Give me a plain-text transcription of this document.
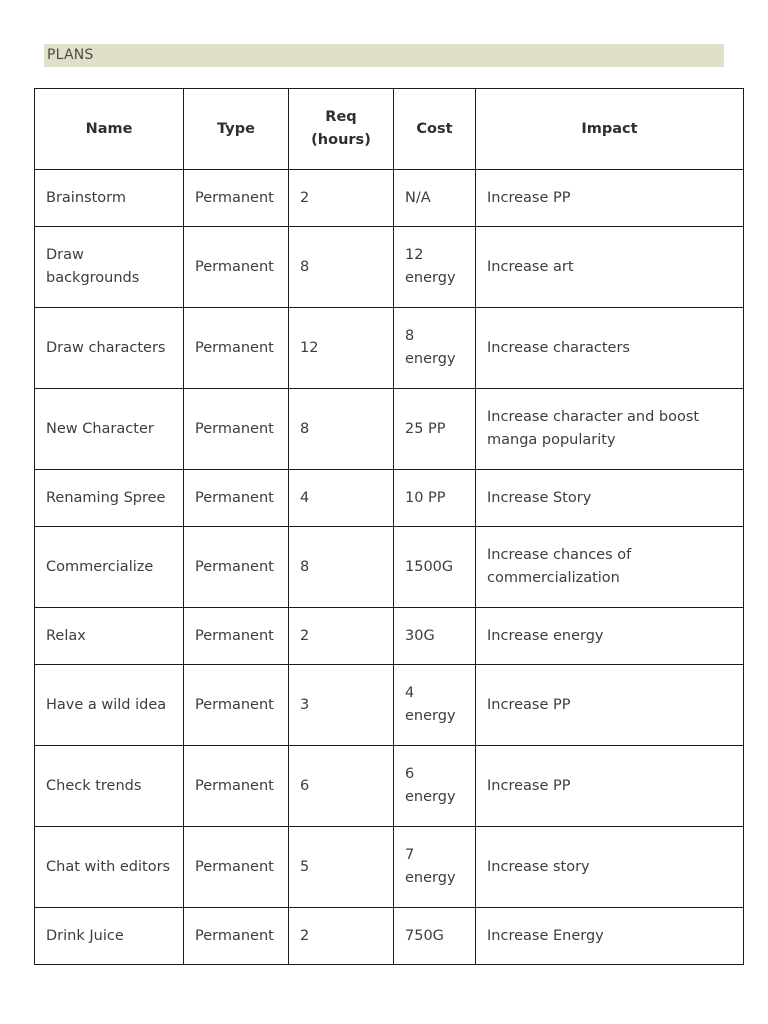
PLANS
Name	Type	Req (hours)	Cost	Impact
Brainstorm	Permanent	2	N/A	Increase PP
Draw backgrounds	Permanent	8	12 energy	Increase art
Draw characters	Permanent	12	8 energy	Increase characters
New Character	Permanent	8	25 PP	Increase character and boost manga popularity
Renaming Spree	Permanent	4	10 PP	Increase Story
Commercialize	Permanent	8	1500G	Increase chances of commercialization
Relax	Permanent	2	30G	Increase energy
Have a wild idea	Permanent	3	4 energy	Increase PP
Check trends	Permanent	6	6 energy	Increase PP
Chat with editors	Permanent	5	7 energy	Increase story
Drink Juice	Permanent	2	750G	Increase Energy
